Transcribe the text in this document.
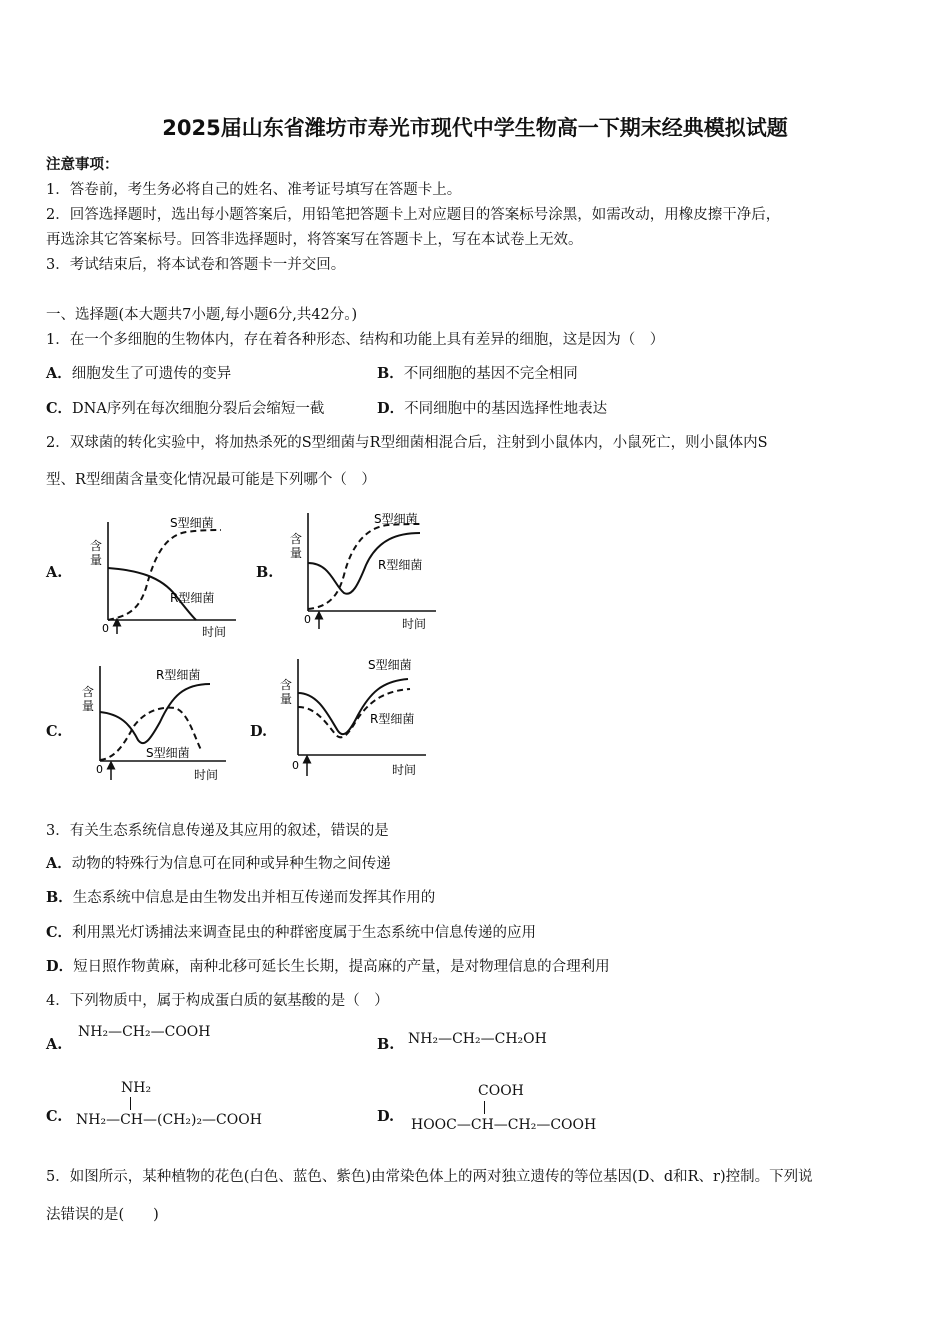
2025届山东省潍坊市寿光市现代中学生物高一下期末经典模拟试题
注意事项：
1．答卷前，考生务必将自己的姓名、准考证号填写在答题卡上。
2．回答选择题时，选出每小题答案后，用铅笔把答题卡上对应题目的答案标号涂黑，如需改动，用橡皮擦干净后，
再选涂其它答案标号。回答非选择题时，将答案写在答题卡上，写在本试卷上无效。
3．考试结束后，将本试卷和答题卡一并交回。
一、选择题(本大题共7小题,每小题6分,共42分。)
1．在一个多细胞的生物体内，存在着各种形态、结构和功能上具有差异的细胞，这是因为（　）
A．细胞发生了可遗传的变异	B．不同细胞的基因不完全相同
C．DNA序列在每次细胞分裂后会缩短一截	D．不同细胞中的基因选择性地表达
2．双球菌的转化实验中，将加热杀死的S型细菌与R型细菌相混合后，注射到小鼠体内，小鼠死亡，则小鼠体内S
型、R型细菌含量变化情况最可能是下列哪个（　）
A.	B.
C.	D.
含
量
0	时间
S型细菌
R型细菌
含
量
0	时间
S型细菌
R型细菌
含
量
0	时间
R型细菌
S型细菌
含
量
0	时间
S型细菌
R型细菌
3．有关生态系统信息传递及其应用的叙述，错误的是
A．动物的特殊行为信息可在同种或异种生物之间传递
B．生态系统中信息是由生物发出并相互传递而发挥其作用的
C．利用黑光灯诱捕法来调查昆虫的种群密度属于生态系统中信息传递的应用
D．短日照作物黄麻，南种北移可延长生长期，提高麻的产量，是对物理信息的合理利用
4．下列物质中，属于构成蛋白质的氨基酸的是（　）
A.
NH₂—CH₂—COOH
B. NH₂—CH₂—CH₂OH
C.
NH₂
NH₂—CH—(CH₂)₂—COOH	D.
COOH
HOOC—CH—CH₂—COOH
5．如图所示，某种植物的花色(白色、蓝色、紫色)由常染色体上的两对独立遗传的等位基因(D、d和R、r)控制。下列说
法错误的是(　　)
